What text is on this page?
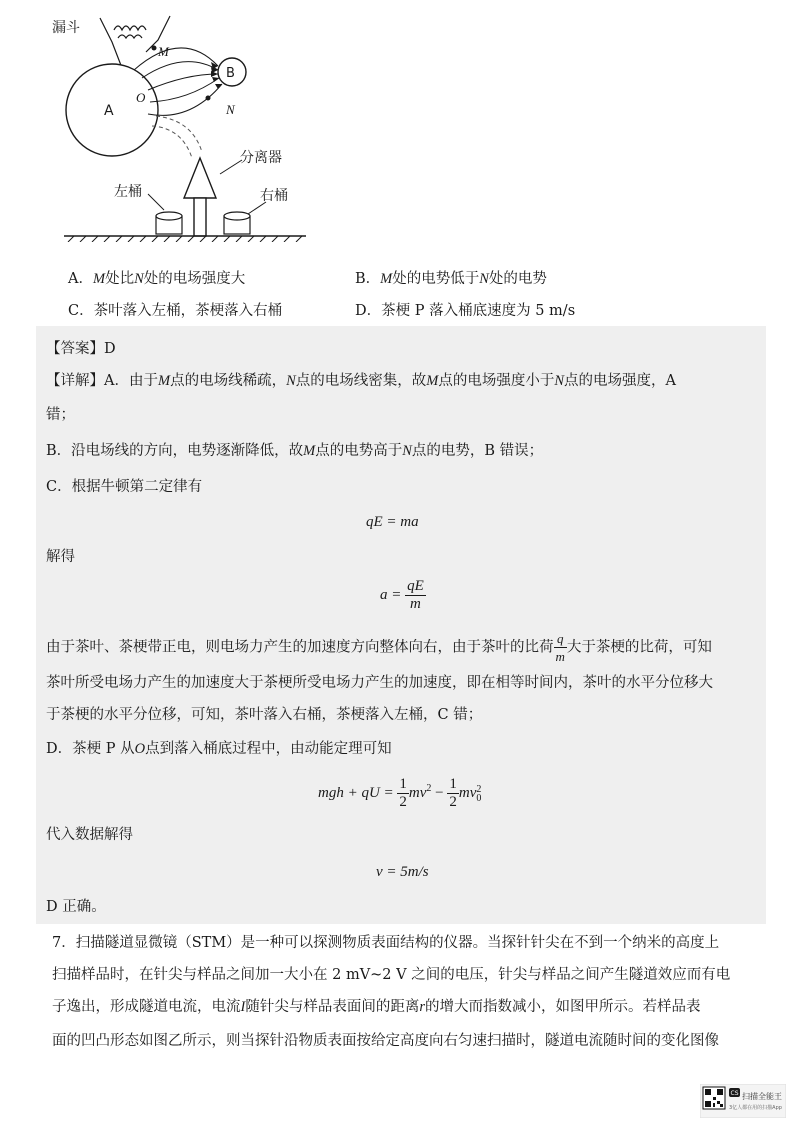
漏斗
A
B
M
N
O
分离器
左桶	右桶
A．M处比N处的电场强度大	B．M处的电势低于N处的电势
C．茶叶落入左桶，茶梗落入右桶	D．茶梗 P 落入桶底速度为 5 m/s
【答案】D
【详解】A．由于M点的电场线稀疏，N点的电场线密集，故M点的电场强度小于N点的电场强度，A
错；
B．沿电场线的方向，电势逐渐降低，故M点的电势高于N点的电势，B 错误；
C．根据牛顿第二定律有
qE = ma
解得
$a = \frac{qE}{m}$
由于茶叶、茶梗带正电，则电场力产生的加速度方向整体向右，由于茶叶的比荷 $\frac{q}{m}$ 大于茶梗的比荷，可知
茶叶所受电场力产生的加速度大于茶梗所受电场力产生的加速度，即在相等时间内，茶叶的水平分位移大
于茶梗的水平分位移，可知，茶叶落入右桶，茶梗落入左桶，C 错；
D．茶梗 P 从O点到落入桶底过程中，由动能定理可知
mgh + qU = $\frac{1}{2} mv^2 - \frac{1}{2}$ mv 2
0
代入数据解得
v = 5m/s
D 正确。
7．扫描隧道显微镜（STM）是一种可以探测物质表面结构的仪器。当探针针尖在不到一个纳米的高度上
扫描样品时，在针尖与样品之间加一大小在 2 mV~2 V 之间的电压，针尖与样品之间产生隧道效应而有电
子逸出，形成隧道电流，电流I随针尖与样品表面间的距离r的增大而指数减小，如图甲所示。若样品表
面的凹凸形态如图乙所示，则当探针沿物质表面按给定高度向右匀速扫描时，隧道电流随时间的变化图像
CS 扫描全能王
3亿人都在用的扫描App
